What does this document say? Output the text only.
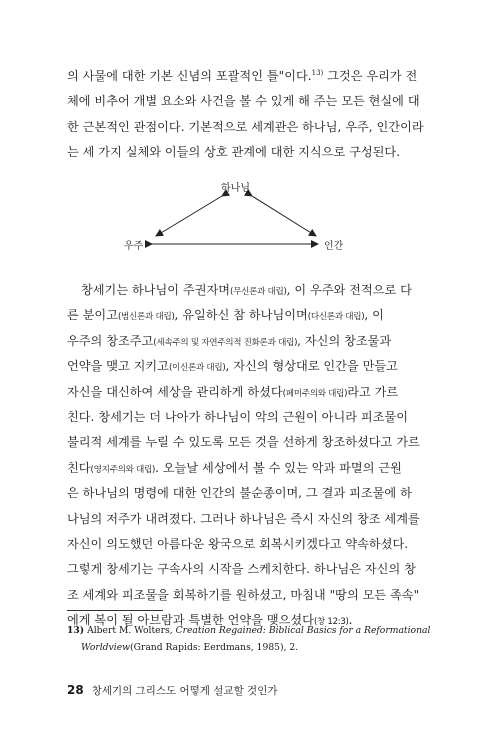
의 사물에 대한 기본 신념의 포괄적인 틀"이다.$^{13)}$ 그것은 우리가 전
체에 비추어 개별 요소와 사건을 볼 수 있게 해 주는 모든 현실에 대
한 근본적인 관점이다. 기본적으로 세계관은 하나님, 우주, 인간이라
는 세 가지 실체와 이들의 상호 관계에 대한 지식으로 구성된다.

하나님
우주	인간

창세기는 하나님이 주권자며(무신론과 대립), 이 우주와 전적으로 다
른 분이고(범신론과 대립), 유일하신 참 하나님이며(다신론과 대립), 이
우주의 창조주고(세속주의 및 자연주의적 진화론과 대립), 자신의 창조물과
언약을 맺고 지키고(이신론과 대립), 자신의 형상대로 인간을 만들고
자신을 대신하여 세상을 관리하게 하셨다(페미주의와 대립)라고 가르
친다. 창세기는 더 나아가 하나님이 악의 근원이 아니라 피조물이
불리적 세계를 누릴 수 있도록 모든 것을 선하게 창조하셨다고 가르
친다(영지주의와 대립). 오늘날 세상에서 볼 수 있는 악과 파멸의 근원
은 하나님의 명령에 대한 인간의 불순종이며, 그 결과 피조물에 하
나님의 저주가 내려졌다. 그러나 하나님은 즉시 자신의 창조 세계를
자신이 의도했던 아름다운 왕국으로 회복시키겠다고 약속하셨다.
그렇게 창세기는 구속사의 시작을 스케치한다. 하나님은 자신의 창
조 세계와 피조물을 회복하기를 원하셨고, 마침내 "땅의 모든 족속"
에게 복이 될 아브람과 특별한 언약을 맺으셨다(창 12:3).

13) Albert M. Wolters, Creation Regained: Biblical Basics for a Reformational
Worldview(Grand Rapids: Eerdmans, 1985), 2.
28 창세기의 그리스도 어떻게 설교할 것인가
